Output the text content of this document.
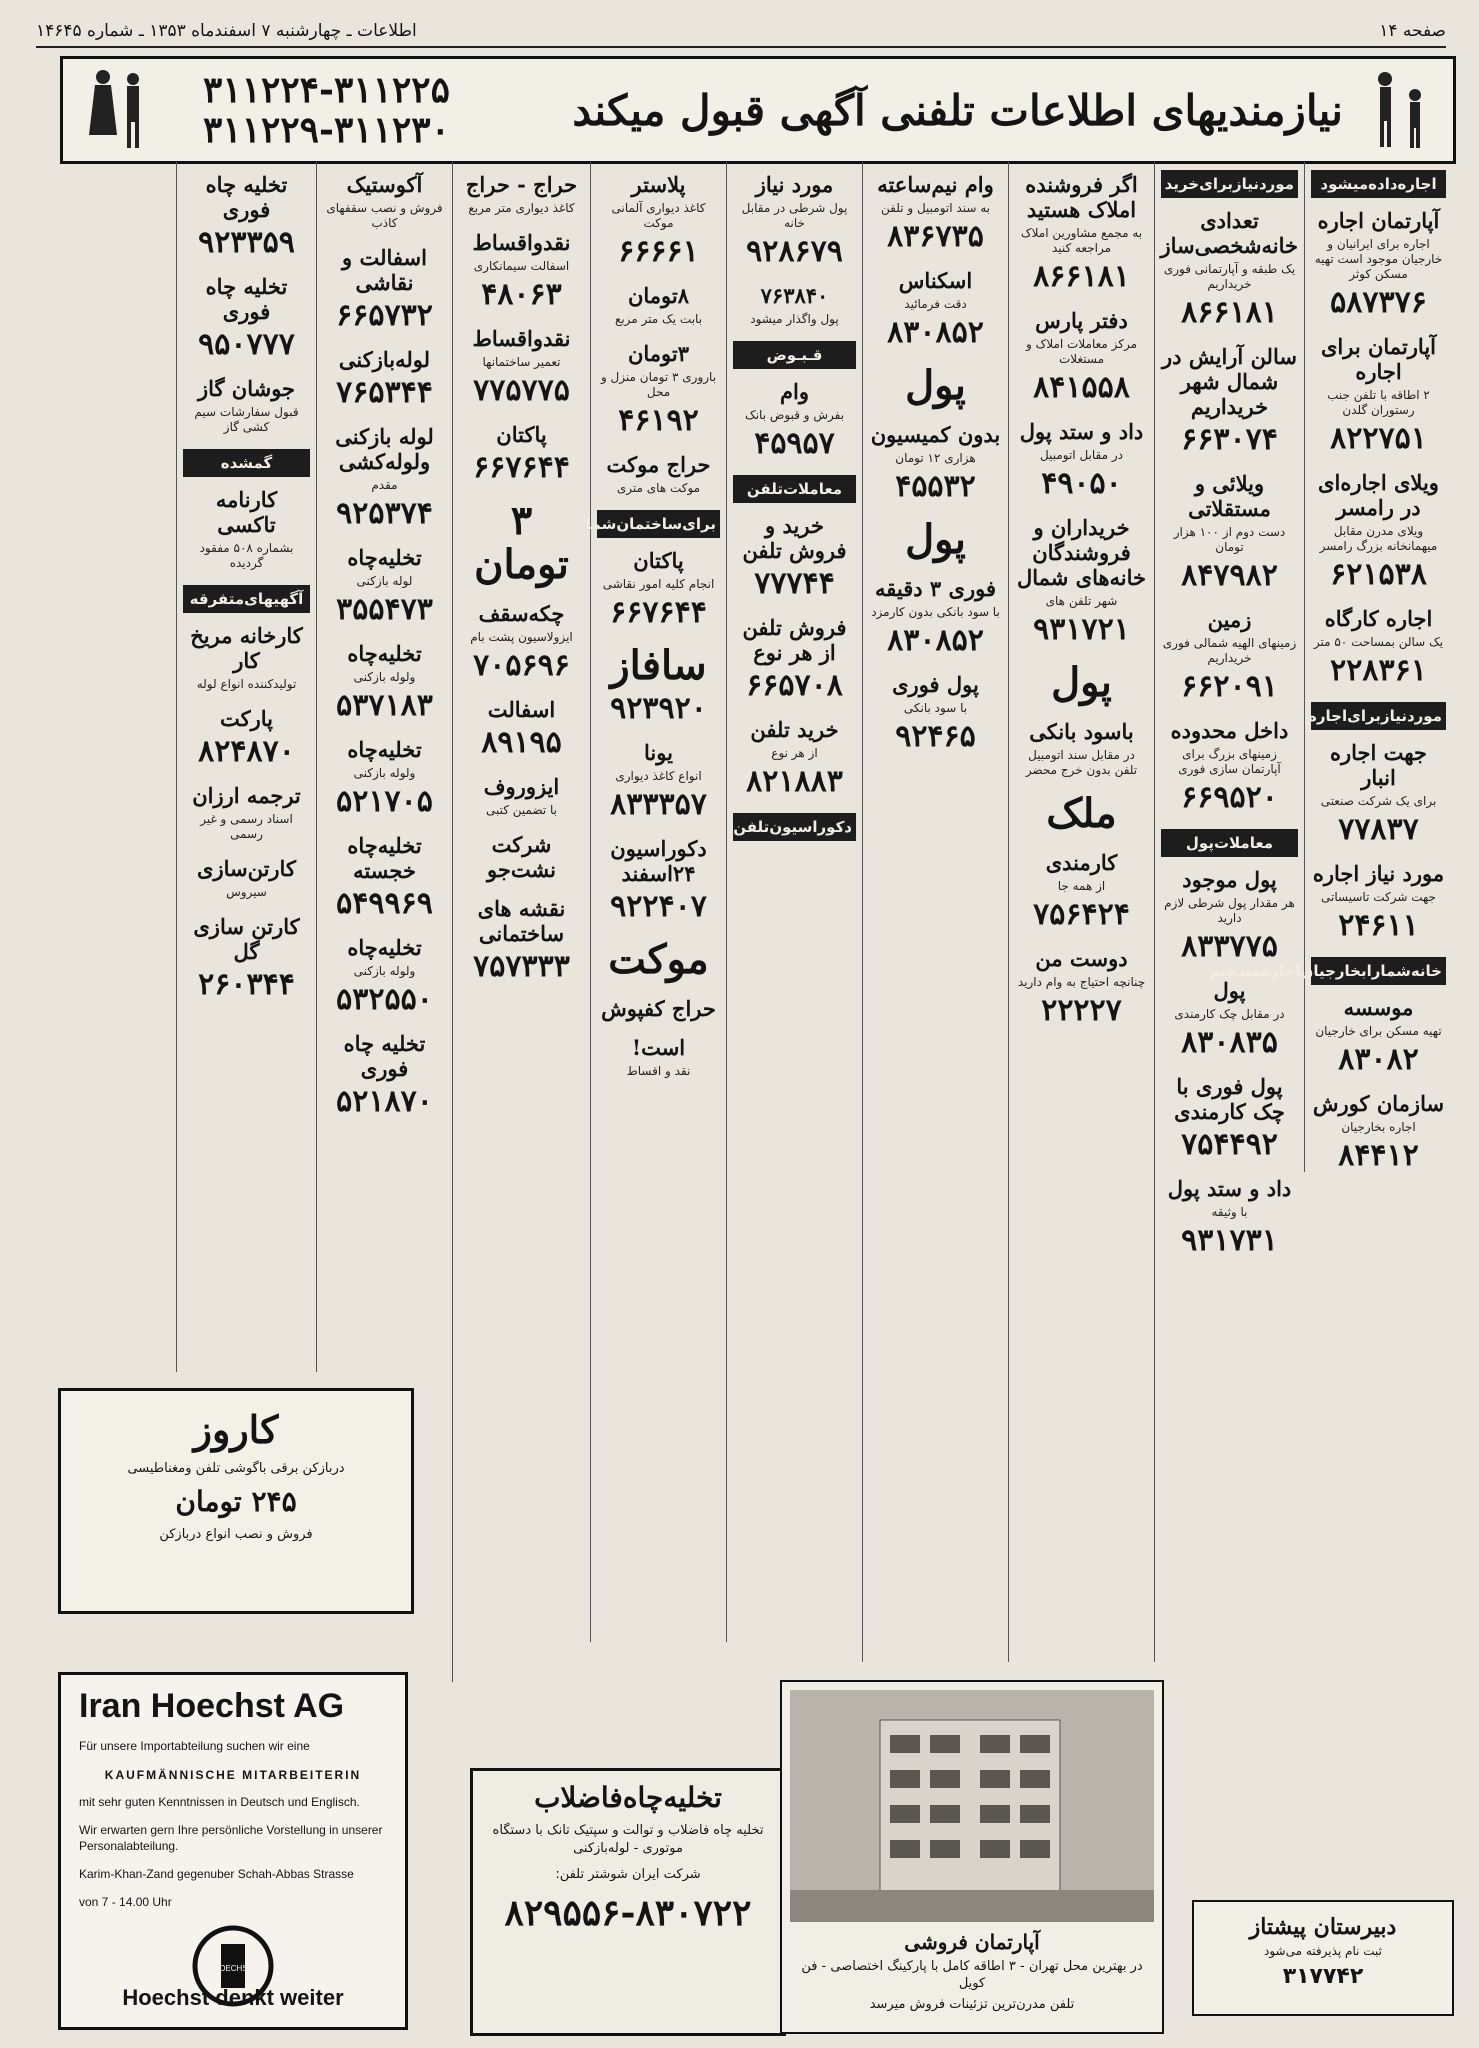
صفحه ۱۴
اطلاعات ـ چهارشنبه ۷ اسفندماه ۱۳۵۳ ـ شماره ۱۴۶۴۵
نیازمندیهای اطلاعات تلفنی آگهی قبول میکند
۳۱۱۲۲۴-۳۱۱۲۲۵
۳۱۱۲۲۹-۳۱۱۲۳۰
اجاره‌داده‌میشود
آپارتمان اجاره
اجاره برای ایرانیان و خارجیان موجود است تهیه مسکن کوثر
۵۸۷۳۷۶
آپارتمان برای اجاره
۲ اطاقه با تلفن جنب رستوران گلدن
۸۲۲۷۵۱
ویلای اجاره‌ای در رامسر
ویلای مدرن مقابل میهمانخانه بزرگ رامسر
۶۲۱۵۳۸
اجاره کارگاه
یک سالن بمساحت ۵۰ متر
۲۲۸۳۶۱
موردنیازبرای‌اجاره
جهت اجاره انبار
برای یک شرکت صنعتی
۷۷۸۳۷
مورد نیاز اجاره
جهت شرکت تاسیساتی
۲۴۶۱۱
خانه‌شمارابخارجیان‌اجاره‌میدهیم
موسسه
تهیه مسکن برای خارجیان
۸۳۰۸۲
سازمان کورش
اجاره بخارجیان
۸۴۴۱۲
موردنیازبرای‌خرید
تعدادی خانه‌شخصی‌ساز
یک طبقه و آپارتمانی فوری خریداریم
۸۶۶۱۸۱
سالن آرایش در شمال شهر خریداریم
۶۶۳۰۷۴
ویلائی و مستقلاتی
دست دوم از ۱۰۰ هزار تومان
۸۴۷۹۸۲
زمین
زمینهای الهیه شمالی فوری خریداریم
۶۶۲۰۹۱
داخل محدوده
زمینهای بزرگ برای آپارتمان سازی فوری
۶۶۹۵۲۰
معاملات‌پول
پول موجود
هر مقدار پول شرطی لازم دارید
۸۳۳۷۷۵
پول
در مقابل چک کارمندی
۸۳۰۸۳۵
پول فوری با چک کارمندی
۷۵۴۴۹۲
داد و ستد پول
با وثیقه
۹۳۱۷۳۱
اگر فروشنده املاک هستید
به مجمع مشاورین املاک مراجعه کنید
۸۶۶۱۸۱
دفتر پارس
مرکز معاملات املاک و مستغلات
۸۴۱۵۵۸
داد و ستد پول
در مقابل اتومبیل
۴۹۰۵۰
خریداران و فروشندگان خانه‌های شمال
شهر تلفن های
۹۳۱۷۲۱
پول
باسود بانکی
در مقابل سند اتومبیل تلفن بدون خرج محضر
ملک
کارمندی
از همه جا
۷۵۶۴۲۴
دوست من
چنانچه احتیاج به وام دارید
۲۲۲۲۷
وام نیم‌ساعته
به سند اتومبیل و تلفن
۸۳۶۷۳۵
اسکناس
دقت فرمائید
۸۳۰۸۵۲
پول
بدون کمیسیون
هزاری ۱۲ تومان
۴۵۵۳۲
پول
فوری ۳ دقیقه
با سود بانکی بدون کارمزد
۸۳۰۸۵۲
پول فوری
با سود بانکی
۹۲۴۶۵
مورد نیاز
پول شرطی در مقابل خانه
۹۲۸۶۷۹
۷۶۳۸۴۰
پول واگذار میشود
قـبـوض
وام
بفرش و قبوض بانک
۴۵۹۵۷
معاملات‌تلفن
خرید و فروش تلفن
۷۷۷۴۴
فروش تلفن از هر نوع
۶۶۵۷۰۸
خرید تلفن
از هر نوع
۸۲۱۸۸۳
دکوراسیون‌تلفن
پلاستر
کاغذ دیواری آلمانی موکت
۶۶۶۶۱
۸تومان
بابت یک متر مربع
۳تومان
باروری ۳ تومان منزل و محل
۴۶۱۹۲
حراج موکت
موکت های متری
برای‌ساختمان‌شما
پاکتان
انجام کلیه امور نقاشی
۶۶۷۶۴۴
سافاز
۹۲۳۹۲۰
یونا
انواع کاغذ دیواری
۸۳۳۳۵۷
دکوراسیون ۲۴اسفند
۹۲۲۴۰۷
موکت
حراج کفپوش
است!
نقد و اقساط
حراج - حراج
کاغذ دیواری متر مربع
نقدواقساط
اسفالت سیمانکاری
۴۸۰۶۳
نقدواقساط
تعمیر ساختمانها
۷۷۵۷۷۵
پاکتان
۶۶۷۶۴۴
۳ تومان
چکه‌سقف
ایزولاسیون پشت بام
۷۰۵۶۹۶
اسفالت
۸۹۱۹۵
ایزوروف
با تضمین کتبی
شرکت نشت‌جو
نقشه های ساختمانی
۷۵۷۳۳۳
آکوستیک
فروش و نصب سقفهای کاذب
اسفالت و نقاشی
۶۶۵۷۳۲
لوله‌بازکنی
۷۶۵۳۴۴
لوله بازکنی ولوله‌کشی
مقدم
۹۲۵۳۷۴
تخلیه‌چاه
لوله بازکنی
۳۵۵۴۷۳
تخلیه‌چاه
ولوله بازکنی
۵۳۷۱۸۳
تخلیه‌چاه
ولوله بازکنی
۵۲۱۷۰۵
تخلیه‌چاه خجسته
۵۴۹۹۶۹
تخلیه‌چاه
ولوله بازکنی
۵۳۲۵۵۰
تخلیه چاه فوری
۵۲۱۸۷۰
تخلیه چاه فوری
۹۲۳۳۵۹
تخلیه چاه فوری
۹۵۰۷۷۷
جوشان گاز
قبول سفارشات سیم کشی گاز
گمشده
کارنامه تاکسی
بشماره ۵۰۸ مفقود گردیده
آگهیهای‌متفرقه
کارخانه مریخ کار
تولیدکننده انواع لوله
پارکت
۸۲۴۸۷۰
ترجمه ارزان
اسناد رسمی و غیر رسمی
کارتن‌سازی
سیروس
کارتن سازی گل
۲۶۰۳۴۴
کاروز
دربازکن برقی باگوشی تلفن ومغناطیسی
۲۴۵ تومان
فروش و نصب انواع دربازکن
Iran Hoechst AG
Für unsere Importabteilung suchen wir eine
KAUFMÄNNISCHE MITARBEITERIN
mit sehr guten Kenntnissen in Deutsch und Englisch.
Wir erwarten gern Ihre persönliche Vorstellung in unserer Personalabteilung.
Karim-Khan-Zand gegenuber Schah-Abbas Strasse
von 7 - 14.00 Uhr
HOECHST
Hoechst denkt weiter
تخلیه‌چاه‌فاضلاب
تخلیه چاه فاضلاب و توالت و سپتیک تانک با دستگاه موتوری - لوله‌بازکنی
شرکت ایران شوشتر تلفن:
۸۲۹۵۵۶-۸۳۰۷۲۲
آپارتمان فروشی
در بهترین محل تهران - ۳ اطاقه کامل با پارکینگ اختصاصی - فن کویل
تلفن مدرن‌ترین تزئینات فروش میرسد
دبیرستان پیشتاز
ثبت نام پذیرفته می‌شود
۳۱۷۷۴۲
